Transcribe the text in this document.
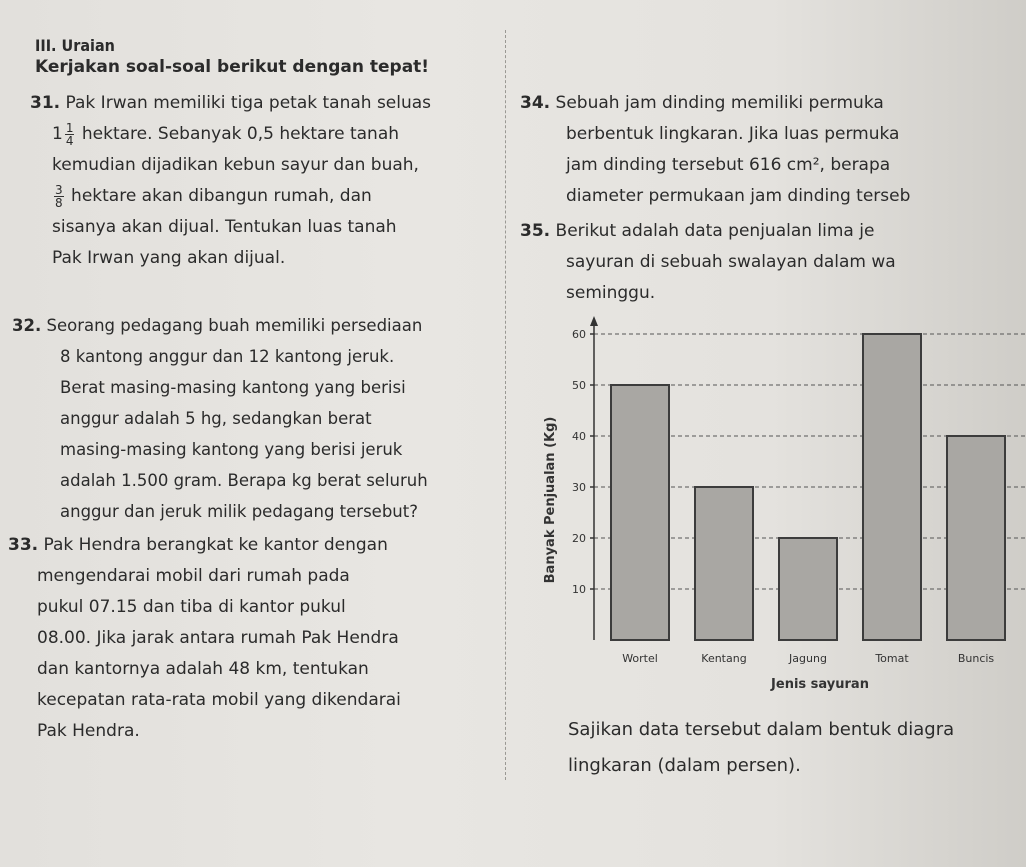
III. Uraian
Kerjakan soal-soal berikut dengan tepat!
31. Pak Irwan memiliki tiga petak tanah seluas
$1 \frac{1}{4}$ hektare. Sebanyak 0,5 hektare tanah
kemudian dijadikan kebun sayur dan buah,
$\frac{3}{8}$ hektare akan dibangun rumah, dan
sisanya akan dijual. Tentukan luas tanah
Pak Irwan yang akan dijual.
32. Seorang pedagang buah memiliki persediaan
8 kantong anggur dan 12 kantong jeruk.
Berat masing-masing kantong yang berisi
anggur adalah 5 hg, sedangkan berat
masing-masing kantong yang berisi jeruk
adalah 1.500 gram. Berapa kg berat seluruh
anggur dan jeruk milik pedagang tersebut?
33. Pak Hendra berangkat ke kantor dengan
mengendarai mobil dari rumah pada
pukul 07.15 dan tiba di kantor pukul
08.00. Jika jarak antara rumah Pak Hendra
dan kantornya adalah 48 km, tentukan
kecepatan rata-rata mobil yang dikendarai
Pak Hendra.
34. Sebuah jam dinding memiliki permuka
berbentuk lingkaran. Jika luas permuka
jam dinding tersebut 616 cm², berapa
diameter permukaan jam dinding terseb
35. Berikut adalah data penjualan lima je
sayuran di sebuah swalayan dalam wa
seminggu.
Banyak Penjualan (Kg)
Jenis sayuran
10
20
30
40
50
60
Wortel	Kentang	Jagung	Tomat	Buncis
Sajikan data tersebut dalam bentuk diagra
lingkaran (dalam persen).
